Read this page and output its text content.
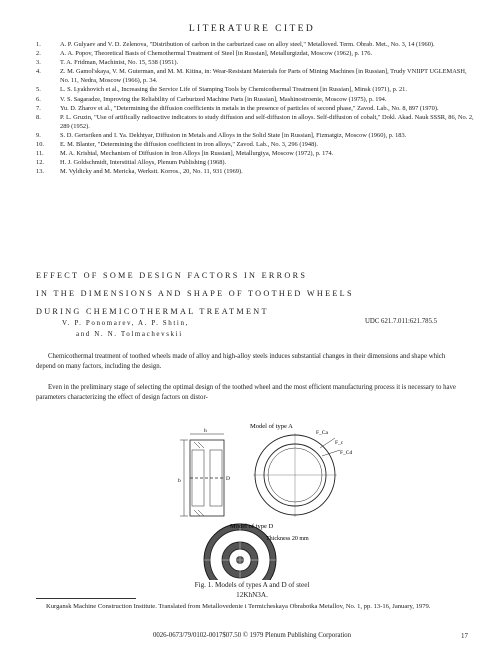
LITERATURE CITED
1.	A. P. Gulyaev and V. D. Zelenova, "Distribution of carbon in the carburized case on alloy steel," Metalloved. Term. Obrab. Met., No. 3, 14 (1960).
2.	A. A. Popov, Theoretical Basis of Chemothermal Treatment of Steel [in Russian], Metallurgizdat, Moscow (1962), p. 176.
3.	T. A. Fridman, Machinist, No. 15, 538 (1951).
4.	Z. M. Gamol'skaya, V. M. Guterman, and M. M. Kitina, in: Wear-Resistant Materials for Parts of Mining Machines [in Russian], Trudy VNIIPT UGLEMASH, No. 11, Nedra, Moscow (1966), p. 34.
5.	L. S. Lyakhovich et al., Increasing the Service Life of Stamping Tools by Chemicothermal Treatment [in Russian], Minsk (1971), p. 21.
6.	V. S. Sagaradze, Improving the Reliability of Carburized Machine Parts [in Russian], Mashinostroenie, Moscow (1975), p. 194.
7.	Yu. D. Zharov et al., "Determining the diffusion coefficients in metals in the presence of particles of second phase," Zavod. Lab., No. 8, 897 (1970).
8.	P. L. Gruzin, "Use of artifically radioactive indicators to study diffusion and self-diffusion in alloys. Self-diffusion of cobalt," Dokl. Akad. Nauk SSSR, 86, No. 2, 289 (1952).
9.	S. D. Gertsriken and I. Ya. Dekhtyar, Diffusion in Metals and Alloys in the Solid State [in Russian], Fizmatgiz, Moscow (1960), p. 183.
10.	E. M. Blanter, "Determining the diffusion coefficient in iron alloys," Zavod. Lab., No. 3, 296 (1948).
11.	M. A. Krishtal, Mechanism of Diffusion in Iron Alloys [in Russian], Metallurgiya, Moscow (1972), p. 174.
12.	H. J. Goldschmidt, Interstitial Alloys, Plenum Publishing (1968).
13.	M. Vyldicky and M. Mericka, Werkstt. Korros., 20, No. 11, 931 (1969).
EFFECT OF SOME DESIGN FACTORS IN ERRORS
IN THE DIMENSIONS AND SHAPE OF TOOTHED WHEELS
DURING CHEMICOTHERMAL TREATMENT
V. P. Ponomarev, A. P. Shtin,
and N. N. Tolmachevskii
UDC 621.7.011:621.785.5
Chemicothermal treatment of toothed wheels made of alloy and high-alloy steels induces substantial changes in their dimensions and shape which depend on many factors, including the design.
Even in the preliminary stage of selecting the optimal design of the toothed wheel and the most efficient manufacturing process it is necessary to have parameters characterizing the effect of design factors on distor-
Model of type A
F_Ca
F_c
F_Cd
b
h
D
Model of type D
Thickness 20 mm
Fig. 1. Models of types A and D of steel
12KhN3A.
Kurgansk Machine Construction Institute. Translated from Metallovedenie i Termicheskaya Obrabotka Metallov, No. 1, pp. 13-16, January, 1979.
0026-0673/79/0102-0017$07.50 © 1979 Plenum Publishing Corporation	17
